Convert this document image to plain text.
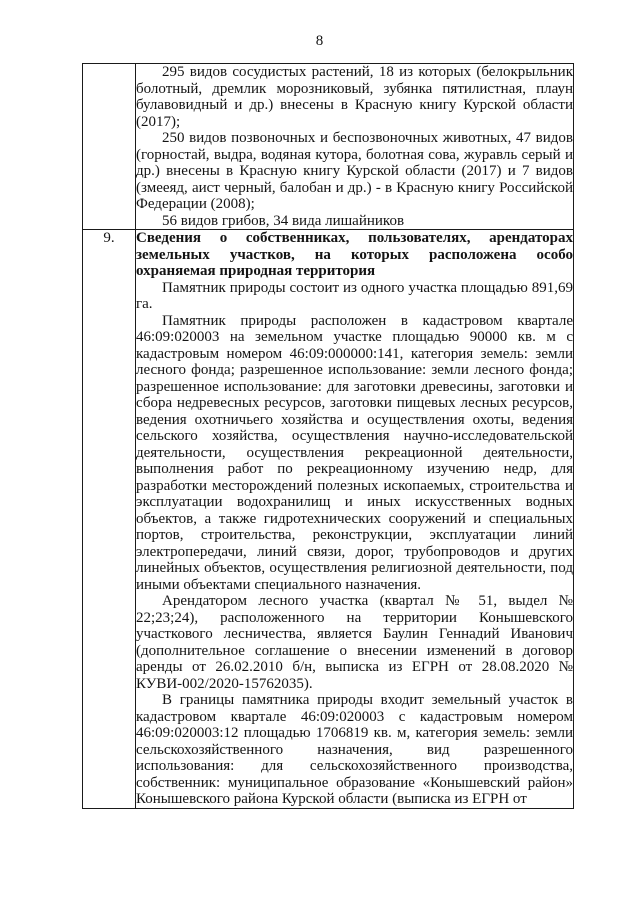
8

	295 видов сосудистых растений, 18 из которых (белокрыльник болотный, дремлик морозниковый, зубянка пятилистная, плаун булавовидный и др.) внесены в Красную книгу Курской области (2017);

250 видов позвоночных и беспозвоночных животных, 47 видов (горностай, выдра, водяная кутора, болотная сова, журавль серый и др.) внесены в Красную книгу Курской области (2017) и 7 видов (змееяд, аист черный, балобан и др.) - в Красную книгу Российской Федерации (2008);

56 видов грибов, 34 вида лишайников

9.	Сведения о собственниках, пользователях, арендаторах земельных участков, на которых расположена особо охраняемая природная территория

Памятник природы состоит из одного участка площадью 891,69 га.

Памятник природы расположен в кадастровом квартале 46:09:020003 на земельном участке площадью 90000 кв. м с кадастровым номером 46:09:000000:141, категория земель: земли лесного фонда; разрешенное использование: земли лесного фонда; разрешенное использование: для заготовки древесины, заготовки и сбора недревесных ресурсов, заготовки пищевых лесных ресурсов, ведения охотничьего хозяйства и осуществления охоты, ведения сельского хозяйства, осуществления научно-исследовательской деятельности, осуществления рекреационной деятельности, выполнения работ по рекреационному изучению недр, для разработки месторождений полезных ископаемых, строительства и эксплуатации водохранилищ и иных искусственных водных объектов, а также гидротехнических сооружений и специальных портов, строительства, реконструкции, эксплуатации линий электропередачи, линий связи, дорог, трубопроводов и других линейных объектов, осуществления религиозной деятельности, под иными объектами специального назначения.

Арендатором лесного участка (квартал № 51, выдел № 22;23;24), расположенного на территории Конышевского участкового лесничества, является Баулин Геннадий Иванович (дополнительное соглашение о внесении изменений в договор аренды от 26.02.2010 б/н, выписка из ЕГРН от 28.08.2020 № КУВИ-002/2020-15762035).

В границы памятника природы входит земельный участок в кадастровом квартале 46:09:020003 с кадастровым номером 46:09:020003:12 площадью 1706819 кв. м, категория земель: земли сельскохозяйственного назначения, вид разрешенного использования: для сельскохозяйственного производства, собственник: муниципальное образование «Конышевский район» Конышевского района Курской области (выписка из ЕГРН от
